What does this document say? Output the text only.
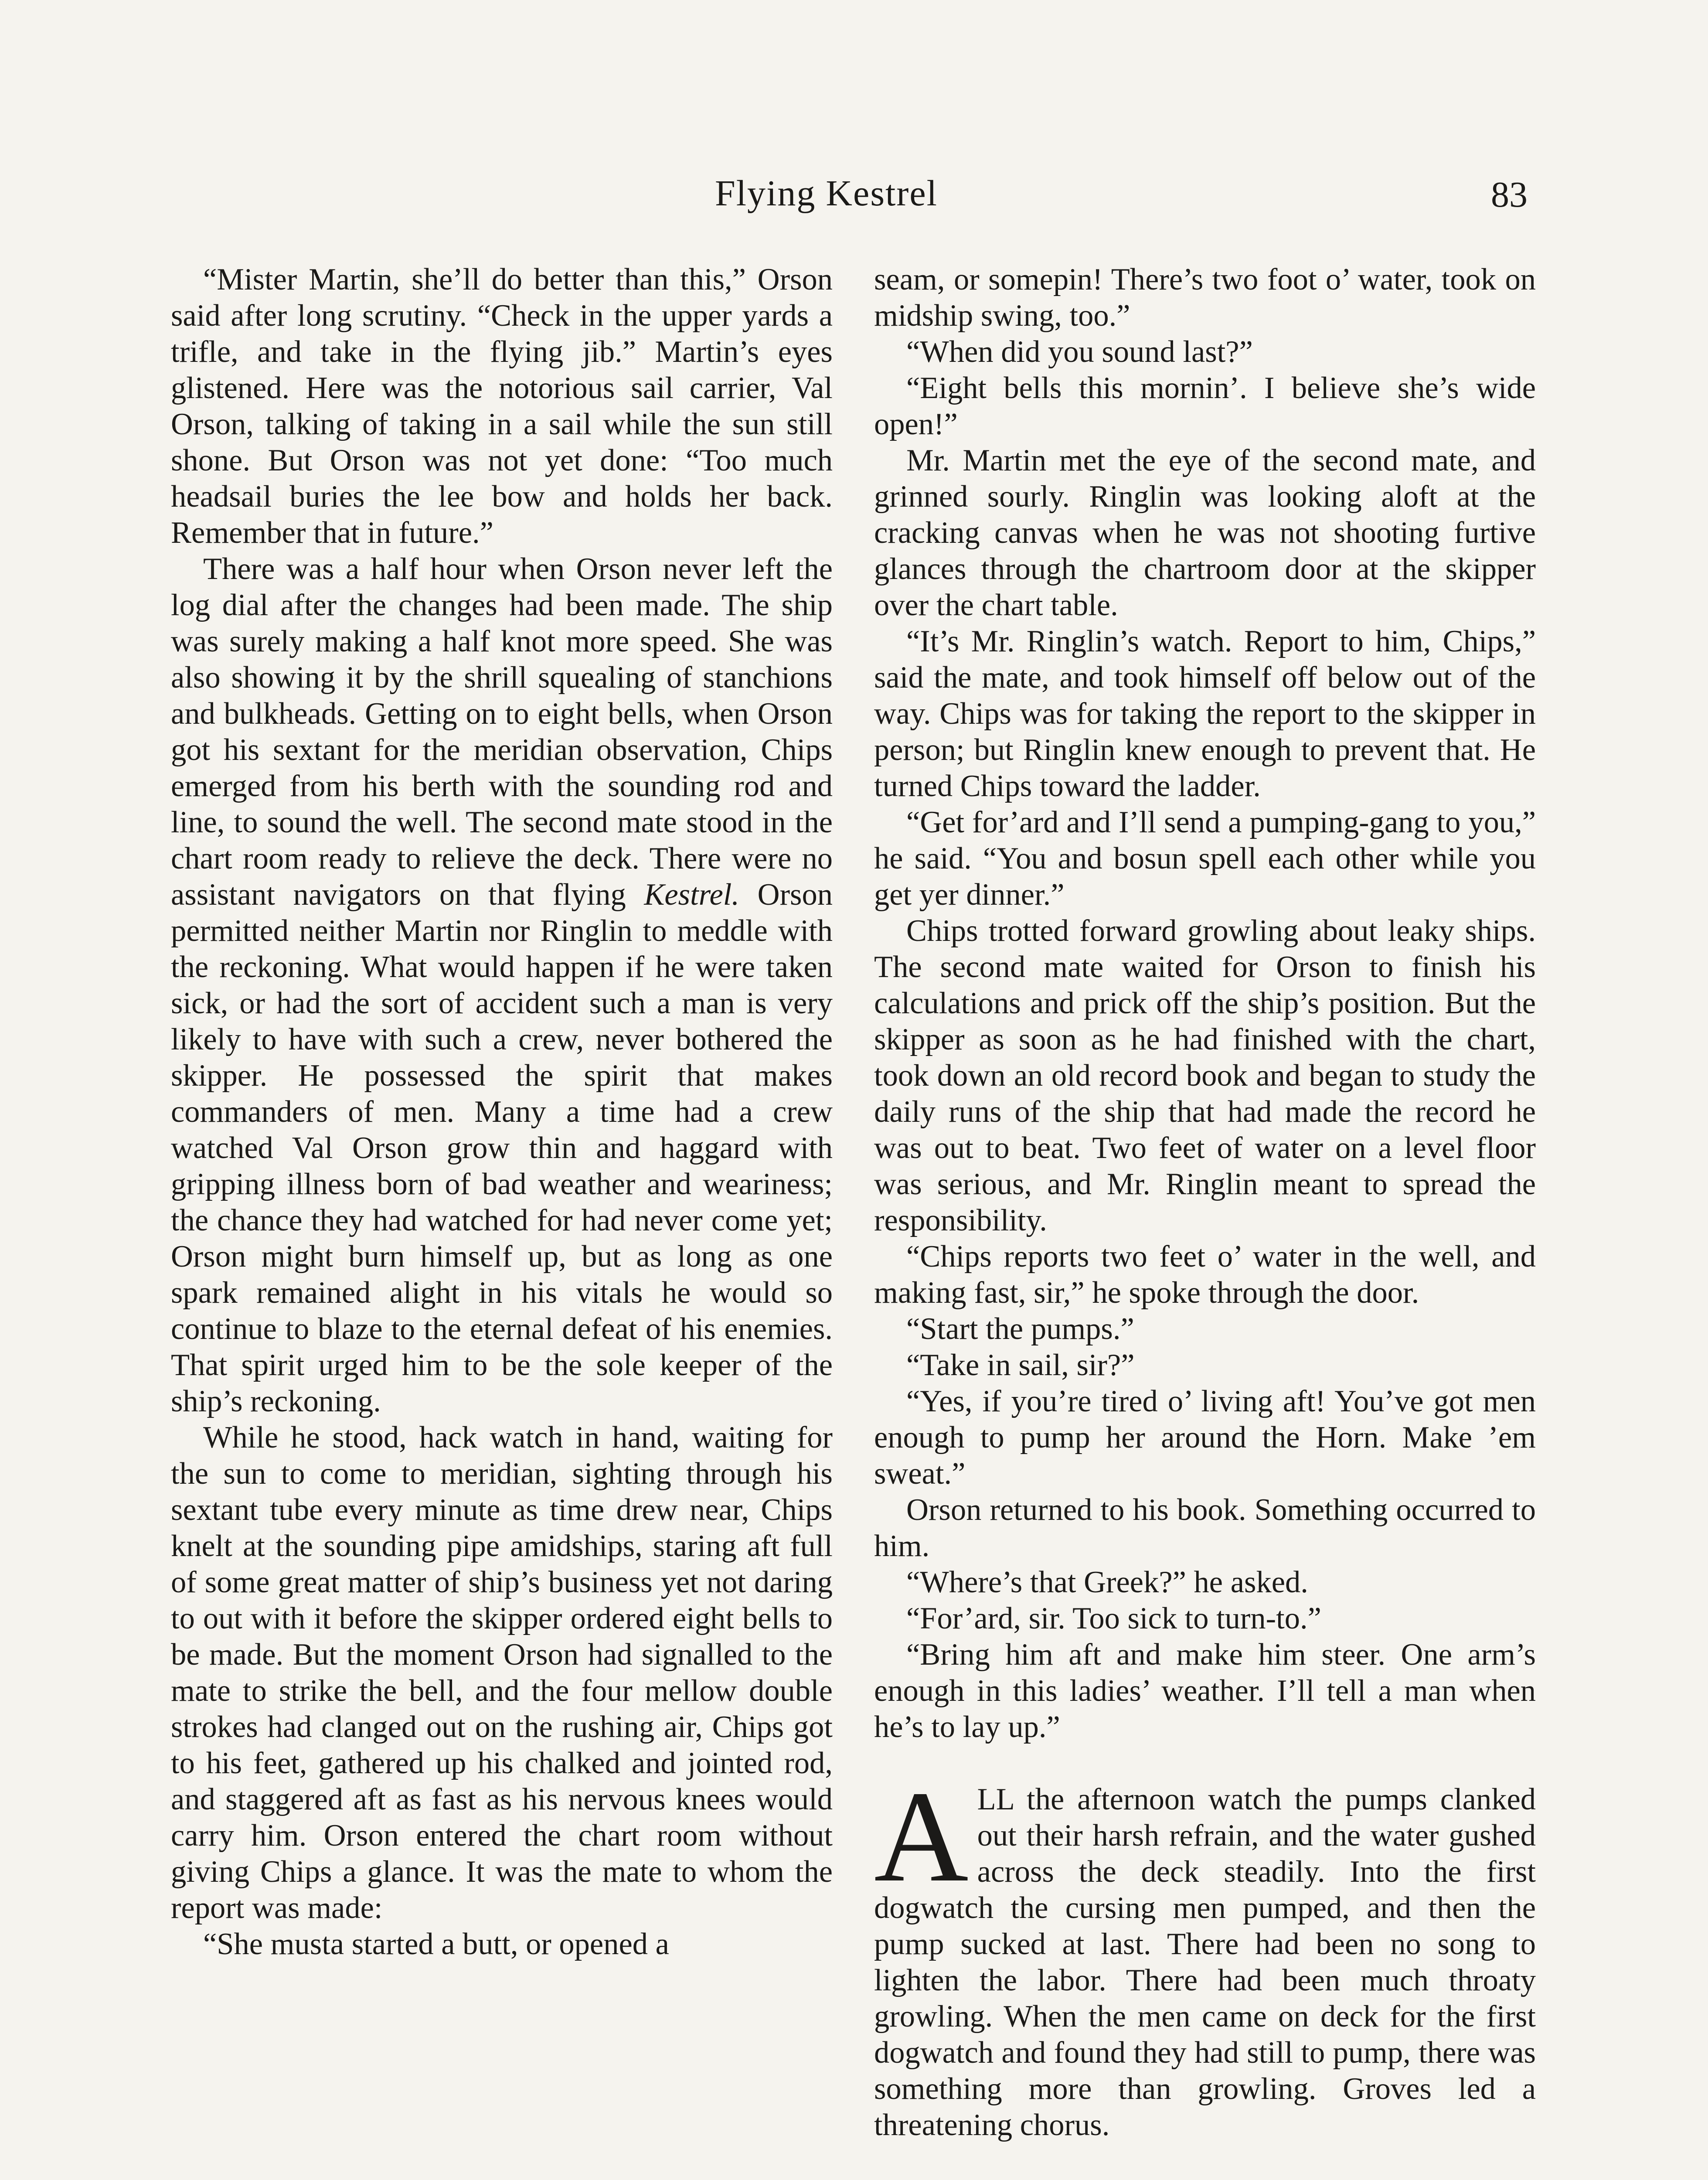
Flying Kestrel	83

“Mister Martin, she’ll do better than this,” Orson said after long scrutiny. “Check in the upper yards a trifle, and take in the flying jib.” Martin’s eyes glistened. Here was the notorious sail carrier, Val Orson, talking of taking in a sail while the sun still shone. But Orson was not yet done: “Too much headsail buries the lee bow and holds her back. Remember that in future.”

There was a half hour when Orson never left the log dial after the changes had been made. The ship was surely making a half knot more speed. She was also showing it by the shrill squealing of stanchions and bulkheads. Getting on to eight bells, when Orson got his sextant for the meridian observation, Chips emerged from his berth with the sounding rod and line, to sound the well. The second mate stood in the chart room ready to relieve the deck. There were no assistant navigators on that flying Kestrel. Orson permitted neither Martin nor Ringlin to meddle with the reckoning. What would happen if he were taken sick, or had the sort of accident such a man is very likely to have with such a crew, never bothered the skipper. He possessed the spirit that makes commanders of men. Many a time had a crew watched Val Orson grow thin and haggard with gripping illness born of bad weather and weariness; the chance they had watched for had never come yet; Orson might burn himself up, but as long as one spark remained alight in his vitals he would so continue to blaze to the eternal defeat of his enemies. That spirit urged him to be the sole keeper of the ship’s reckoning.

While he stood, hack watch in hand, waiting for the sun to come to meridian, sighting through his sextant tube every minute as time drew near, Chips knelt at the sounding pipe amidships, staring aft full of some great matter of ship’s business yet not daring to out with it before the skipper ordered eight bells to be made. But the moment Orson had signalled to the mate to strike the bell, and the four mellow double strokes had clanged out on the rushing air, Chips got to his feet, gathered up his chalked and jointed rod, and staggered aft as fast as his nervous knees would carry him. Orson entered the chart room without giving Chips a glance. It was the mate to whom the report was made:

“She musta started a butt, or opened a

seam, or somepin! There’s two foot o’ water, took on midship swing, too.”

“When did you sound last?”

“Eight bells this mornin’. I believe she’s wide open!”

Mr. Martin met the eye of the second mate, and grinned sourly. Ringlin was looking aloft at the cracking canvas when he was not shooting furtive glances through the chartroom door at the skipper over the chart table.

“It’s Mr. Ringlin’s watch. Report to him, Chips,” said the mate, and took himself off below out of the way. Chips was for taking the report to the skipper in person; but Ringlin knew enough to prevent that. He turned Chips toward the ladder.

“Get for’ard and I’ll send a pumping-gang to you,” he said. “You and bosun spell each other while you get yer dinner.”

Chips trotted forward growling about leaky ships. The second mate waited for Orson to finish his calculations and prick off the ship’s position. But the skipper as soon as he had finished with the chart, took down an old record book and began to study the daily runs of the ship that had made the record he was out to beat. Two feet of water on a level floor was serious, and Mr. Ringlin meant to spread the responsibility.

“Chips reports two feet o’ water in the well, and making fast, sir,” he spoke through the door.

“Start the pumps.”

“Take in sail, sir?”

“Yes, if you’re tired o’ living aft! You’ve got men enough to pump her around the Horn. Make ’em sweat.”

Orson returned to his book. Something occurred to him.

“Where’s that Greek?” he asked.

“For’ard, sir. Too sick to turn-to.”

“Bring him aft and make him steer. One arm’s enough in this ladies’ weather. I’ll tell a man when he’s to lay up.”

ALL the afternoon watch the pumps clanked out their harsh refrain, and the water gushed across the deck steadily. Into the first dogwatch the cursing men pumped, and then the pump sucked at last. There had been no song to lighten the labor. There had been much throaty growling. When the men came on deck for the first dogwatch and found they had still to pump, there was something more than growling. Groves led a threatening chorus.
